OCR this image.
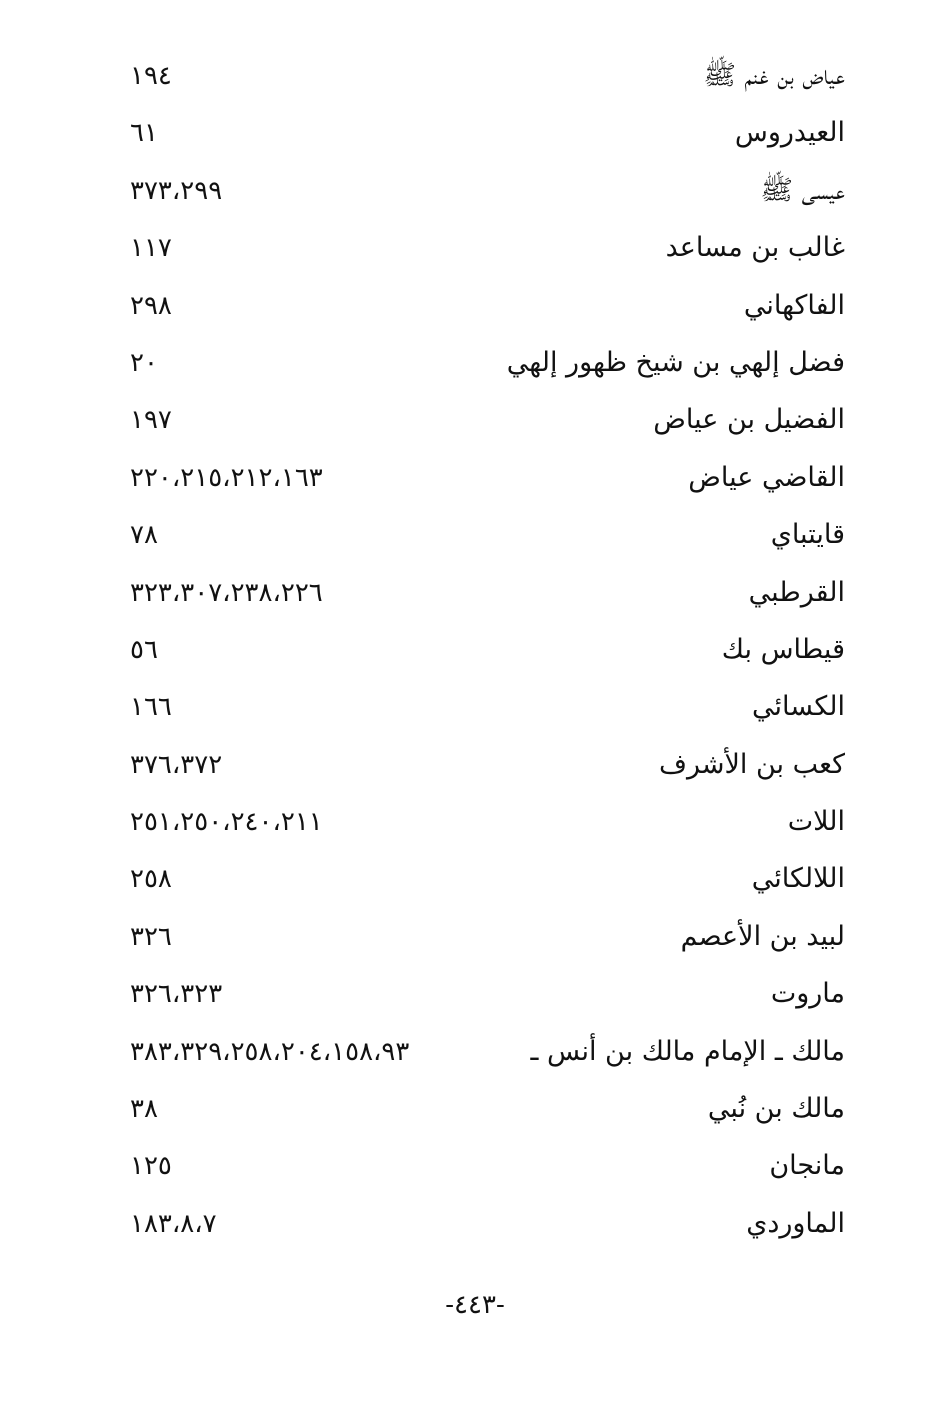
عياض بن غنم ﷺ
١٩٤
العيدروس
٦١
عيسى ﷺ
٣٧٣،٢٩٩
غالب بن مساعد
١١٧
الفاكهاني
٢٩٨
فضل إلهي بن شيخ ظهور إلهي
٢٠
الفضيل بن عياض
١٩٧
القاضي عياض
٢٢٠،٢١٥،٢١٢،١٦٣
قايتباي
٧٨
القرطبي
٣٢٣،٣٠٧،٢٣٨،٢٢٦
قيطاس بك
٥٦
الكسائي
١٦٦
كعب بن الأشرف
٣٧٦،٣٧٢
اللات
٢٥١،٢٥٠،٢٤٠،٢١١
اللالكائي
٢٥٨
لبيد بن الأعصم
٣٢٦
ماروت
٣٢٦،٣٢٣
مالك ـ الإمام مالك بن أنس ـ
٣٨٣،٣٢٩،٢٥٨،٢٠٤،١٥٨،٩٣
مالك بن نُبي
٣٨
مانجان
١٢٥
الماوردي
١٨٣،٨،٧
-٤٤٣-
